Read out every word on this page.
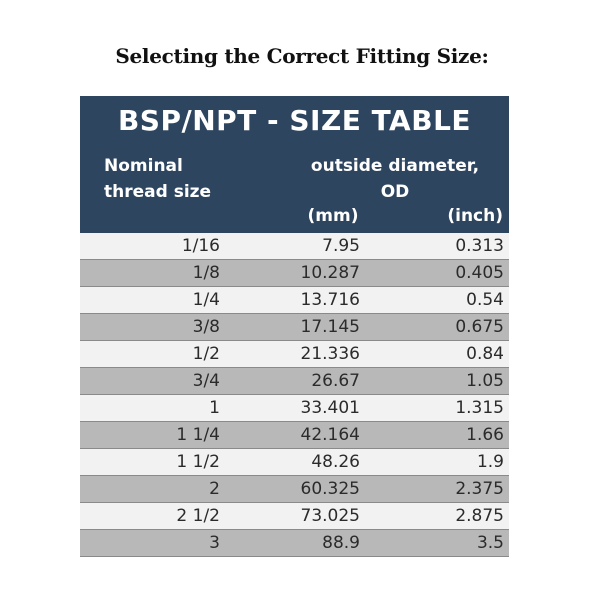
Selecting the Correct Fitting Size:
BSP/NPT - SIZE TABLE
Nominal
thread size
outside diameter,
OD
(mm)	(inch)
1/16	7.95	0.313
1/8	10.287	0.405
1/4	13.716	0.54
3/8	17.145	0.675
1/2	21.336	0.84
3/4	26.67	1.05
1	33.401	1.315
1 1/4	42.164	1.66
1 1/2	48.26	1.9
2	60.325	2.375
2 1/2	73.025	2.875
3	88.9	3.5
